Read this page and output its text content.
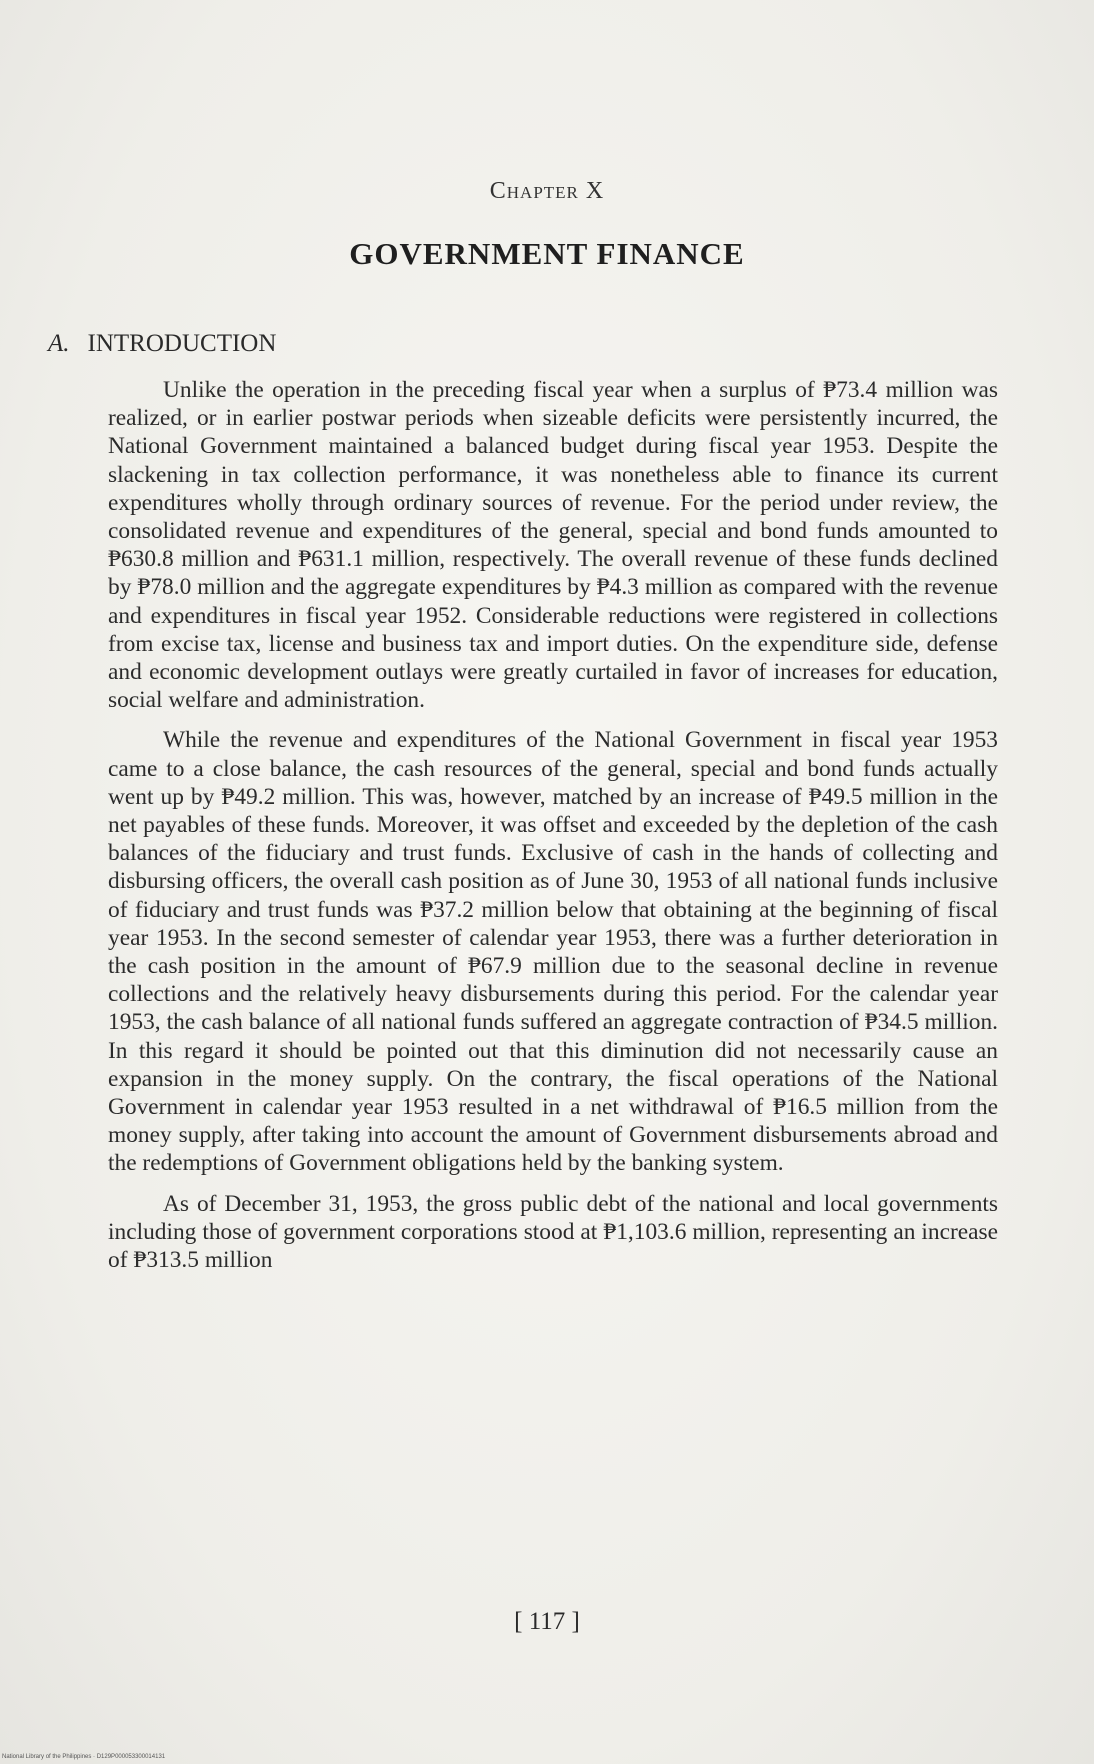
Chapter X
GOVERNMENT FINANCE
A. INTRODUCTION

Unlike the operation in the preceding fiscal year when a surplus of ₱73.4 million was realized, or in earlier postwar periods when sizeable deficits were persistently incurred, the National Government maintained a balanced budget during fiscal year 1953. Despite the slackening in tax collection performance, it was nonetheless able to finance its current expenditures wholly through ordinary sources of revenue. For the period under review, the consolidated revenue and expenditures of the general, special and bond funds amounted to ₱630.8 million and ₱631.1 million, respectively. The overall revenue of these funds declined by ₱78.0 million and the aggregate expenditures by ₱4.3 million as compared with the revenue and expenditures in fiscal year 1952. Considerable reductions were registered in collections from excise tax, license and business tax and import duties. On the expenditure side, defense and economic development outlays were greatly curtailed in favor of increases for education, social welfare and administration.

While the revenue and expenditures of the National Government in fiscal year 1953 came to a close balance, the cash resources of the general, special and bond funds actually went up by ₱49.2 million. This was, however, matched by an increase of ₱49.5 million in the net payables of these funds. Moreover, it was offset and exceeded by the depletion of the cash balances of the fiduciary and trust funds. Exclusive of cash in the hands of collecting and disbursing officers, the overall cash position as of June 30, 1953 of all national funds inclusive of fiduciary and trust funds was ₱37.2 million below that obtaining at the beginning of fiscal year 1953. In the second semester of calendar year 1953, there was a further deterioration in the cash position in the amount of ₱67.9 million due to the seasonal decline in revenue collections and the relatively heavy disbursements during this period. For the calendar year 1953, the cash balance of all national funds suffered an aggregate contraction of ₱34.5 million. In this regard it should be pointed out that this diminution did not necessarily cause an expansion in the money supply. On the contrary, the fiscal operations of the National Government in calendar year 1953 resulted in a net withdrawal of ₱16.5 million from the money supply, after taking into account the amount of Government disbursements abroad and the redemptions of Government obligations held by the banking system.

As of December 31, 1953, the gross public debt of the national and local governments including those of government corporations stood at ₱1,103.6 million, representing an increase of ₱313.5 million

[ 117 ]
National Library of the Philippines · D129P000053300014131
